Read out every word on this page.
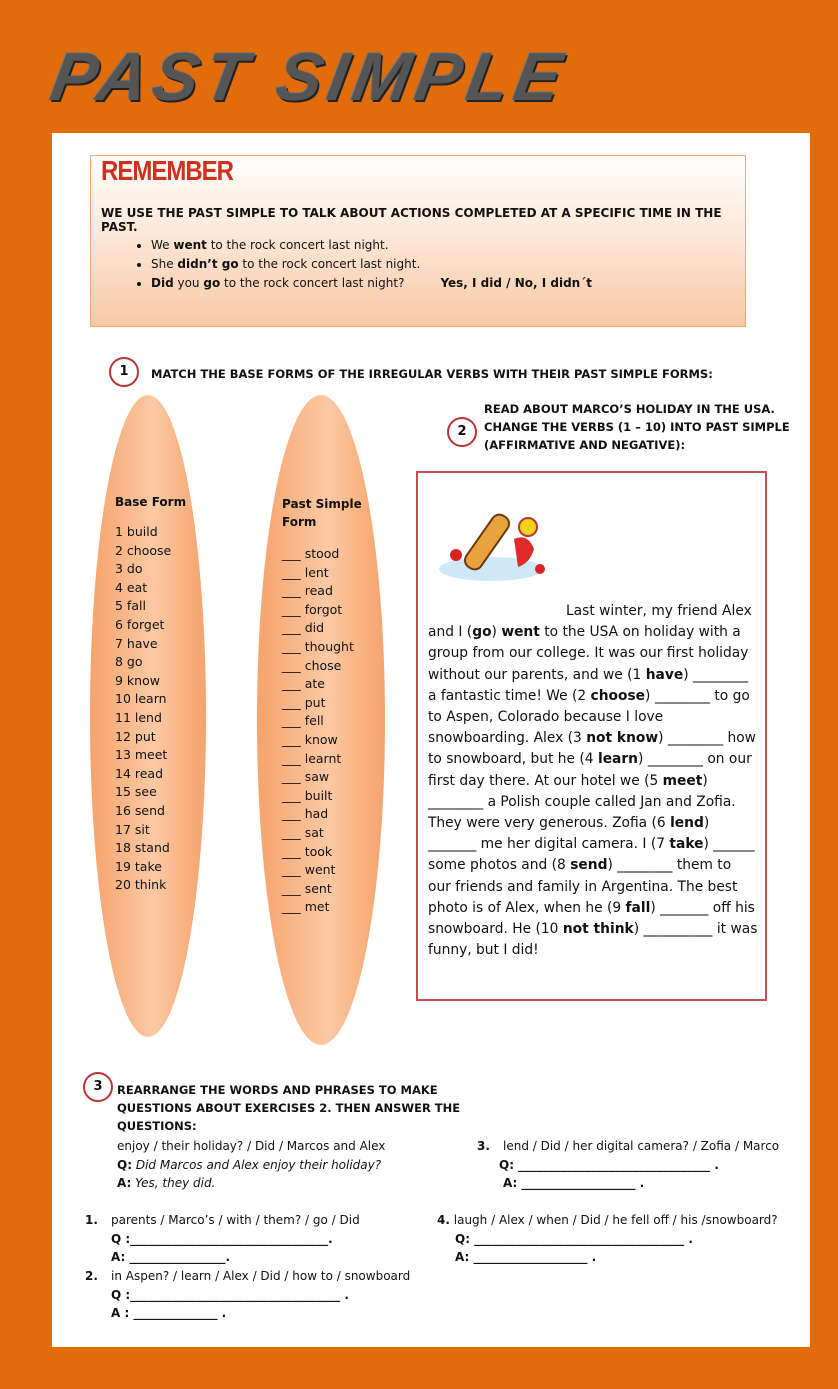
PAST SIMPLE
REMEMBER
WE USE THE PAST SIMPLE TO TALK ABOUT ACTIONS COMPLETED AT A SPECIFIC TIME IN THE PAST.
• We went to the rock concert last night.
• She didn’t go to the rock concert last night.
• Did you go to the rock concert last night?	Yes, I did / No, I didn´t
1	MATCH THE BASE FORMS OF THE IRREGULAR VERBS WITH THEIR PAST SIMPLE FORMS:
Base Form
1 build
2 choose
3 do
4 eat
5 fall
6 forget
7 have
8 go
9 know
10 learn
11 lend
12 put
13 meet
14 read
15 see
16 send
17 sit
18 stand
19 take
20 think
Past Simple
Form
___ stood
___ lent
___ read
___ forgot
___ did
___ thought
___ chose
___ ate
___ put
___ fell
___ know
___ learnt
___ saw
___ built
___ had
___ sat
___ took
___ went
___ sent
___ met
2
READ ABOUT MARCO’S HOLIDAY IN THE USA.
CHANGE THE VERBS (1 – 10) INTO PAST SIMPLE
(AFFIRMATIVE AND NEGATIVE):
Last winter, my friend Alex and I (go) went to the USA on holiday with a group from our college. It was our first holiday without our parents, and we (1 have) ________ a fantastic time! We (2 choose) ________ to go to Aspen, Colorado because I love snowboarding. Alex (3 not know) ________ how to snowboard, but he (4 learn) ________ on our first day there. At our hotel we (5 meet) ________ a Polish couple called Jan and Zofia. They were very generous. Zofia (6 lend) _______ me her digital camera. I (7 take) ______ some photos and (8 send) ________ them to our friends and family in Argentina. The best photo is of Alex, when he (9 fall) _______ off his snowboard. He (10 not think) __________ it was funny, but I did!
3	REARRANGE THE WORDS AND PHRASES TO MAKE QUESTIONS ABOUT EXERCISES 2. THEN ANSWER THE QUESTIONS:
enjoy / their holiday? / Did / Marcos and Alex
Q: Did Marcos and Alex enjoy their holiday?
A: Yes, they did.
1. parents / Marco’s / with / them? / go / Did
Q :_________________________________.
A: ________________.
2. in Aspen? / learn / Alex / Did / how to / snowboard
Q :___________________________________ .
A : ______________ .
3. lend / Did / her digital camera? / Zofia / Marco
Q: ________________________________ .
A: ___________________ .
4. laugh / Alex / when / Did / he fell off / his /snowboard?
Q: ___________________________________ .
A: ___________________ .
